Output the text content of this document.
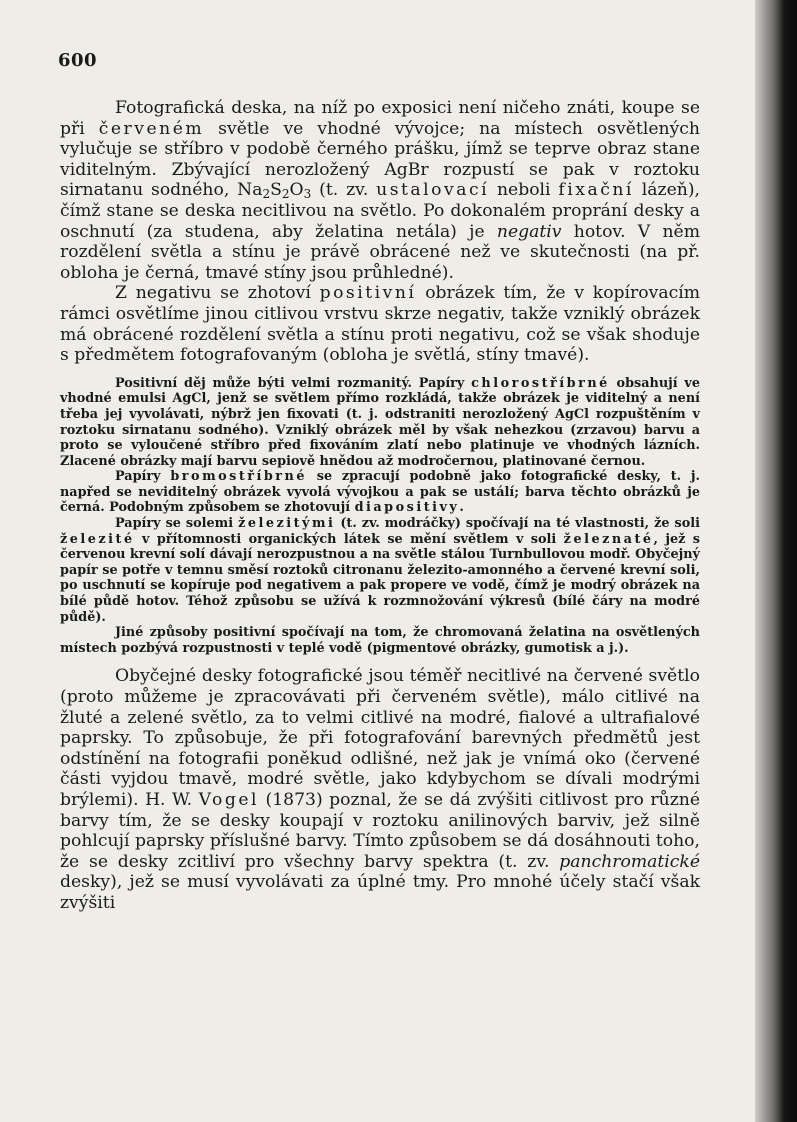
600

Fotografická deska, na níž po exposici není ničeho znáti, koupe se při červeném světle ve vhodné vývojce; na místech osvětlených vylučuje se stříbro v podobě černého prášku, jímž se teprve obraz stane viditelným. Zbývající nerozložený AgBr rozpustí se pak v roztoku sirnatanu sodného, $Na_2S_2O_3$ (t. zv. ustalovací neboli fixační lázeň), čímž stane se deska necitlivou na světlo. Po dokonalém proprání desky a oschnutí (za studena, aby želatina netála) je negativ hotov. V něm rozdělení světla a stínu je právě obrácené než ve skutečnosti (na př. obloha je černá, tmavé stíny jsou průhledné).

Z negativu se zhotoví positivní obrázek tím, že v kopírovacím rámci osvětlíme jinou citlivou vrstvu skrze negativ, takže vzniklý obrázek má obrácené rozdělení světla a stínu proti negativu, což se však shoduje s předmětem fotografovaným (obloha je světlá, stíny tmavé).

Positivní děj může býti velmi rozmanitý. Papíry chlorostříbrné obsahují ve vhodné emulsi AgCl, jenž se světlem přímo rozkládá, takže obrázek je viditelný a není třeba jej vyvolávati, nýbrž jen fixovati (t. j. odstraniti nerozložený AgCl rozpuštěním v roztoku sirnatanu sodného). Vzniklý obrázek měl by však nehezkou (zrzavou) barvu a proto se vyloučené stříbro před fixováním zlatí nebo platinuje ve vhodných lázních. Zlacené obrázky mají barvu sepiově hnědou až modročernou, platinované černou.

Papíry bromostříbrné se zpracují podobně jako fotografické desky, t. j. napřed se neviditelný obrázek vyvolá vývojkou a pak se ustálí; barva těchto obrázků je černá. Podobným způsobem se zhotovují diapositivy.

Papíry se solemi železitými (t. zv. modráčky) spočívají na té vlastnosti, že soli železité v přítomnosti organických látek se mění světlem v soli železnaté, jež s červenou krevní solí dávají nerozpustnou a na světle stálou Turnbullovou modř. Obyčejný papír se potře v temnu směsí roztoků citronanu železito-amonného a červené krevní soli, po uschnutí se kopíruje pod negativem a pak propere ve vodě, čímž je modrý obrázek na bílé půdě hotov. Téhož způsobu se užívá k rozmnožování výkresů (bílé čáry na modré půdě).

Jiné způsoby positivní spočívají na tom, že chromovaná želatina na osvětlených místech pozbývá rozpustnosti v teplé vodě (pigmentové obrázky, gumotisk a j.).

Obyčejné desky fotografické jsou téměř necitlivé na červené světlo (proto můžeme je zpracovávati při červeném světle), málo citlivé na žluté a zelené světlo, za to velmi citlivé na modré, fialové a ultrafialové paprsky. To způsobuje, že při fotografování barevných předmětů jest odstínění na fotografii poněkud odlišné, než jak je vnímá oko (červené části vyjdou tmavě, modré světle, jako kdybychom se dívali modrými brýlemi). H. W. Vogel (1873) poznal, že se dá zvýšiti citlivost pro různé barvy tím, že se desky koupají v roztoku anilinových barviv, jež silně pohlcují paprsky příslušné barvy. Tímto způsobem se dá dosáhnouti toho, že se desky zcitliví pro všechny barvy spektra (t. zv. panchromatické desky), jež se musí vyvolávati za úplné tmy. Pro mnohé účely stačí však zvýšiti
